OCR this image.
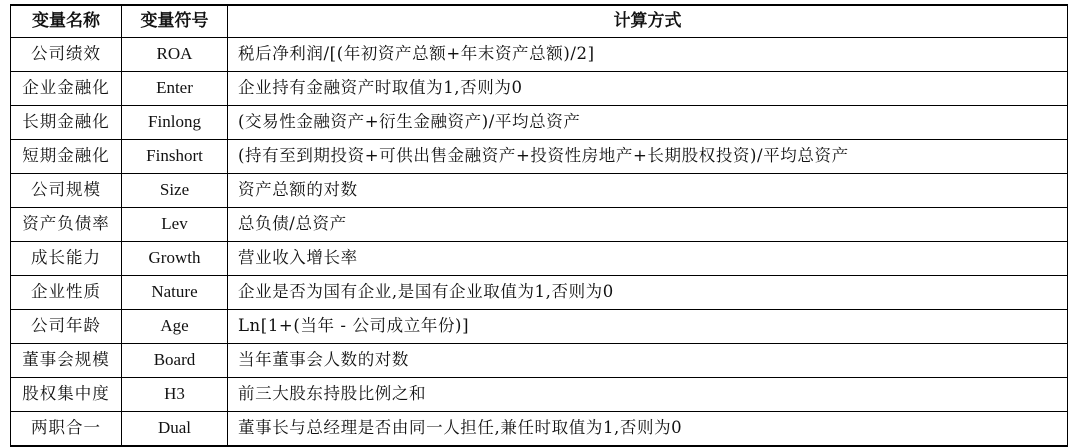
变量名称	变量符号	计算方式
公司绩效	ROA	税后净利润/[(年初资产总额+年末资产总额)/2]
企业金融化	Enter	企业持有金融资产时取值为1,否则为0
长期金融化	Finlong	(交易性金融资产+衍生金融资产)/平均总资产
短期金融化	Finshort	(持有至到期投资+可供出售金融资产+投资性房地产+长期股权投资)/平均总资产
公司规模	Size	资产总额的对数
资产负债率	Lev	总负债/总资产
成长能力	Growth	营业收入增长率
企业性质	Nature	企业是否为国有企业,是国有企业取值为1,否则为0
公司年龄	Age	Ln[1+(当年 - 公司成立年份)]
董事会规模	Board	当年董事会人数的对数
股权集中度	H3	前三大股东持股比例之和
两职合一	Dual	董事长与总经理是否由同一人担任,兼任时取值为1,否则为0
